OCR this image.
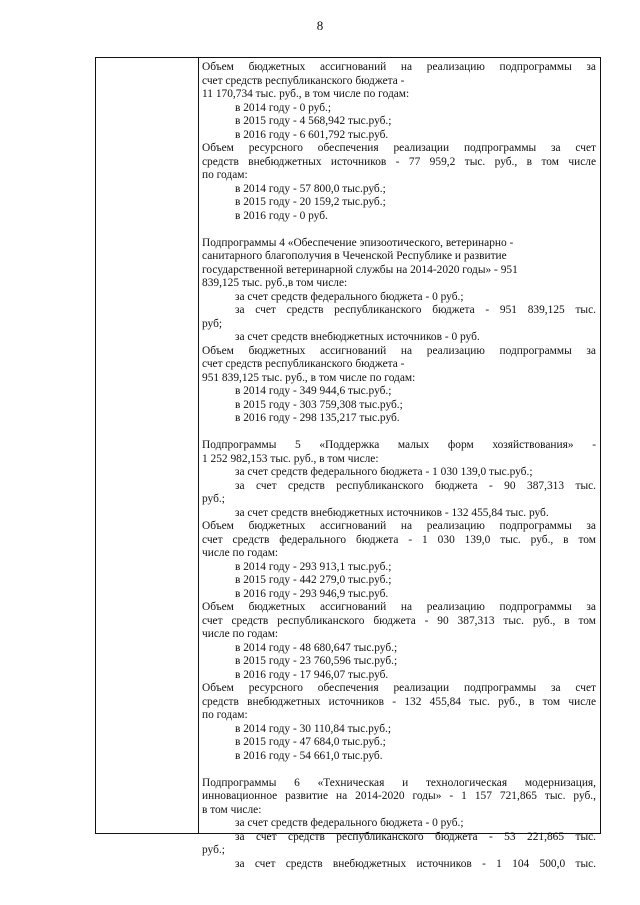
8
Объем бюджетных ассигнований на реализацию подпрограммы за
счет средств республиканского бюджета -
11 170,734 тыс. руб., в том числе по годам:
в 2014 году - 0 руб.;
в 2015 году - 4 568,942 тыс.руб.;
в 2016 году - 6 601,792 тыс.руб.
Объем ресурсного обеспечения реализации подпрограммы за счет
средств внебюджетных источников - 77 959,2 тыс. руб., в том числе
по годам:
в 2014 году - 57 800,0 тыс.руб.;
в 2015 году - 20 159,2 тыс.руб.;
в 2016 году - 0 руб.
Подпрограммы 4 «Обеспечение эпизоотического, ветеринарно -
санитарного благополучия в Чеченской Республике и развитие
государственной ветеринарной службы на 2014-2020 годы» - 951
839,125 тыс. руб.,в том числе:
за счет средств федерального бюджета - 0 руб.;
за счет средств республиканского бюджета - 951 839,125 тыс.
руб;
за счет средств внебюджетных источников - 0 руб.
Объем бюджетных ассигнований на реализацию подпрограммы за
счет средств республиканского бюджета -
951 839,125 тыс. руб., в том числе по годам:
в 2014 году - 349 944,6 тыс.руб.;
в 2015 году - 303 759,308 тыс.руб.;
в 2016 году - 298 135,217 тыс.руб.
Подпрограммы 5 «Поддержка малых форм хозяйствования» -
1 252 982,153 тыс. руб., в том числе:
за счет средств федерального бюджета - 1 030 139,0 тыс.руб.;
за счет средств республиканского бюджета - 90 387,313 тыс.
руб.;
за счет средств внебюджетных источников - 132 455,84 тыс. руб.
Объем бюджетных ассигнований на реализацию подпрограммы за
счет средств федерального бюджета - 1 030 139,0 тыс. руб., в том
числе по годам:
в 2014 году - 293 913,1 тыс.руб.;
в 2015 году - 442 279,0 тыс.руб.;
в 2016 году - 293 946,9 тыс.руб.
Объем бюджетных ассигнований на реализацию подпрограммы за
счет средств республиканского бюджета - 90 387,313 тыс. руб., в том
числе по годам:
в 2014 году - 48 680,647 тыс.руб.;
в 2015 году - 23 760,596 тыс.руб.;
в 2016 году - 17 946,07 тыс.руб.
Объем ресурсного обеспечения реализации подпрограммы за счет
средств внебюджетных источников - 132 455,84 тыс. руб., в том числе
по годам:
в 2014 году - 30 110,84 тыс.руб.;
в 2015 году - 47 684,0 тыс.руб.;
в 2016 году - 54 661,0 тыс.руб.
Подпрограммы 6 «Техническая и технологическая модернизация,
инновационное развитие на 2014-2020 годы» - 1 157 721,865 тыс. руб.,
в том числе:
за счет средств федерального бюджета - 0 руб.;
за счет средств республиканского бюджета - 53 221,865 тыс.
руб.;
за счет средств внебюджетных источников - 1 104 500,0 тыс.
